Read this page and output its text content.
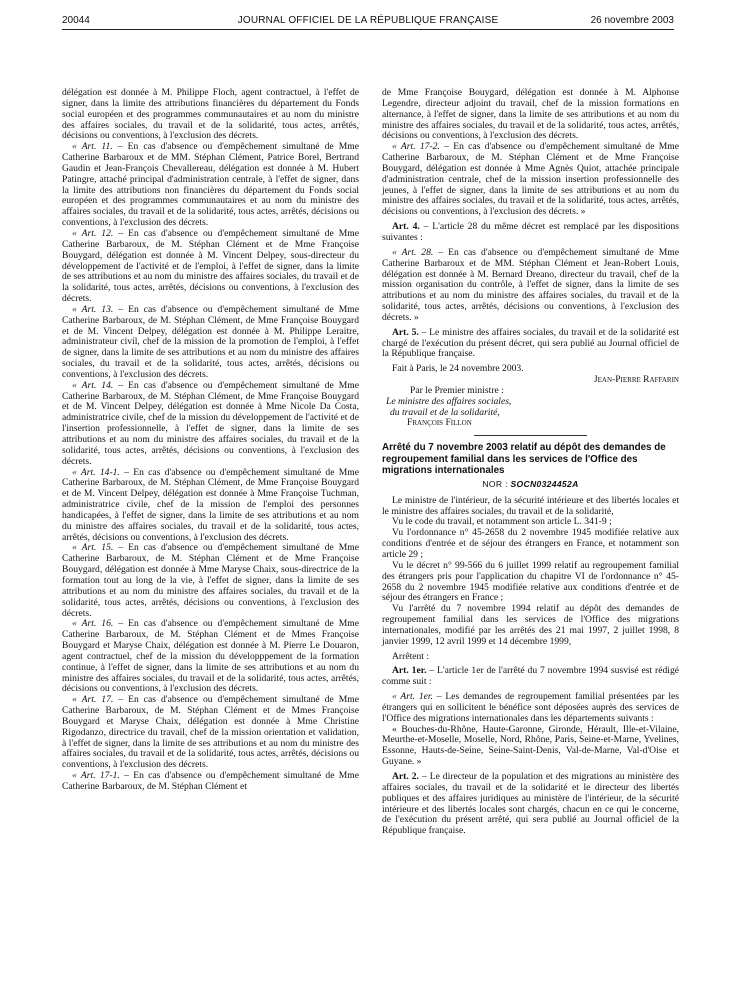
20044	JOURNAL OFFICIEL DE LA RÉPUBLIQUE FRANÇAISE	26 novembre 2003

délégation est donnée à M. Philippe Floch, agent contractuel, à l'effet de signer, dans la limite des attributions financières du département du Fonds social européen et des programmes communautaires et au nom du ministre des affaires sociales, du travail et de la solidarité, tous actes, arrêtés, décisions ou conventions, à l'exclusion des décrets.

« Art. 11. – En cas d'absence ou d'empêchement simultané de Mme Catherine Barbaroux et de MM. Stéphan Clément, Patrice Borel, Bertrand Gaudin et Jean-François Chevallereau, délégation est donnée à M. Hubert Patingre, attaché principal d'administration centrale, à l'effet de signer, dans la limite des attributions non financières du département du Fonds social européen et des programmes communautaires et au nom du ministre des affaires sociales, du travail et de la solidarité, tous actes, arrêtés, décisions ou conventions, à l'exclusion des décrets.

« Art. 12. – En cas d'absence ou d'empêchement simultané de Mme Catherine Barbaroux, de M. Stéphan Clément et de Mme Françoise Bouygard, délégation est donnée à M. Vincent Delpey, sous-directeur du développement de l'activité et de l'emploi, à l'effet de signer, dans la limite de ses attributions et au nom du ministre des affaires sociales, du travail et de la solidarité, tous actes, arrêtés, décisions ou conventions, à l'exclusion des décrets.

« Art. 13. – En cas d'absence ou d'empêchement simultané de Mme Catherine Barbaroux, de M. Stéphan Clément, de Mme Françoise Bouygard et de M. Vincent Delpey, délégation est donnée à M. Philippe Leraitre, administrateur civil, chef de la mission de la promotion de l'emploi, à l'effet de signer, dans la limite de ses attributions et au nom du ministre des affaires sociales, du travail et de la solidarité, tous actes, arrêtés, décisions ou conventions, à l'exclusion des décrets.

« Art. 14. – En cas d'absence ou d'empêchement simultané de Mme Catherine Barbaroux, de M. Stéphan Clément, de Mme Françoise Bouygard et de M. Vincent Delpey, délégation est donnée à Mme Nicole Da Costa, administratrice civile, chef de la mission du développement de l'activité et de l'insertion professionnelle, à l'effet de signer, dans la limite de ses attributions et au nom du ministre des affaires sociales, du travail et de la solidarité, tous actes, arrêtés, décisions ou conventions, à l'exclusion des décrets.

« Art. 14-1. – En cas d'absence ou d'empêchement simultané de Mme Catherine Barbaroux, de M. Stéphan Clément, de Mme Françoise Bouygard et de M. Vincent Delpey, délégation est donnée à Mme Françoise Tuchman, administratrice civile, chef de la mission de l'emploi des personnes handicapées, à l'effet de signer, dans la limite de ses attributions et au nom du ministre des affaires sociales, du travail et de la solidarité, tous actes, arrêtés, décisions ou conventions, à l'exclusion des décrets.

« Art. 15. – En cas d'absence ou d'empêchement simultané de Mme Catherine Barbaroux, de M. Stéphan Clément et de Mme Françoise Bouygard, délégation est donnée à Mme Maryse Chaix, sous-directrice de la formation tout au long de la vie, à l'effet de signer, dans la limite de ses attributions et au nom du ministre des affaires sociales, du travail et de la solidarité, tous actes, arrêtés, décisions ou conventions, à l'exclusion des décrets.

« Art. 16. – En cas d'absence ou d'empêchement simultané de Mme Catherine Barbaroux, de M. Stéphan Clément et de Mmes Françoise Bouygard et Maryse Chaix, délégation est donnée à M. Pierre Le Douaron, agent contractuel, chef de la mission du développpement de la formation continue, à l'effet de signer, dans la limite de ses attributions et au nom du ministre des affaires sociales, du travail et de la solidarité, tous actes, arrêtés, décisions ou conventions, à l'exclusion des décrets.

« Art. 17. – En cas d'absence ou d'empêchement simultané de Mme Catherine Barbaroux, de M. Stéphan Clément et de Mmes Françoise Bouygard et Maryse Chaix, délégation est donnée à Mme Christine Rigodanzo, directrice du travail, chef de la mission orientation et validation, à l'effet de signer, dans la limite de ses attributions et au nom du ministre des affaires sociales, du travail et de la solidarité, tous actes, arrêtés, décisions ou conventions, à l'exclusion des décrets.

« Art. 17-1. – En cas d'absence ou d'empêchement simultané de Mme Catherine Barbaroux, de M. Stéphan Clément et

de Mme Françoise Bouygard, délégation est donnée à M. Alphonse Legendre, directeur adjoint du travail, chef de la mission formations en alternance, à l'effet de signer, dans la limite de ses attributions et au nom du ministre des affaires sociales, du travail et de la solidarité, tous actes, arrêtés, décisions ou conventions, à l'exclusion des décrets.

« Art. 17-2. – En cas d'absence ou d'empêchement simultané de Mme Catherine Barbaroux, de M. Stéphan Clément et de Mme Françoise Bouygard, délégation est donnée à Mme Agnès Quiot, attachée principale d'administration centrale, chef de la mission insertion professionnelle des jeunes, à l'effet de signer, dans la limite de ses attributions et au nom du ministre des affaires sociales, du travail et de la solidarité, tous actes, arrêtés, décisions ou conventions, à l'exclusion des décrets. »

Art. 4. – L'article 28 du même décret est remplacé par les dispositions suivantes :

« Art. 28. – En cas d'absence ou d'empêchement simultané de Mme Catherine Barbaroux et de MM. Stéphan Clément et Jean-Robert Louis, délégation est donnée à M. Bernard Dreano, directeur du travail, chef de la mission organisation du contrôle, à l'effet de signer, dans la limite de ses attributions et au nom du ministre des affaires sociales, du travail et de la solidarité, tous actes, arrêtés, décisions ou conventions, à l'exclusion des décrets. »

Art. 5. – Le ministre des affaires sociales, du travail et de la solidarité est chargé de l'exécution du présent décret, qui sera publié au Journal officiel de la République française.

Fait à Paris, le 24 novembre 2003.

Jean-Pierre Raffarin

Par le Premier ministre :

Le ministre des affaires sociales,

du travail et de la solidarité,

François Fillon

Arrêté du 7 novembre 2003 relatif au dépôt des demandes de regroupement familial dans les services de l'Office des migrations internationales
NOR : SOCN0324452A

Le ministre de l'intérieur, de la sécurité intérieure et des libertés locales et le ministre des affaires sociales, du travail et de la solidarité,

Vu le code du travail, et notamment son article L. 341-9 ;

Vu l'ordonnance n° 45-2658 du 2 novembre 1945 modifiée relative aux conditions d'entrée et de séjour des étrangers en France, et notamment son article 29 ;

Vu le décret n° 99-566 du 6 juillet 1999 relatif au regroupement familial des étrangers pris pour l'application du chapitre VI de l'ordonnance n° 45-2658 du 2 novembre 1945 modifiée relative aux conditions d'entrée et de séjour des étrangers en France ;

Vu l'arrêté du 7 novembre 1994 relatif au dépôt des demandes de regroupement familial dans les services de l'Office des migrations internationales, modifié par les arrêtés des 21 mai 1997, 2 juillet 1998, 8 janvier 1999, 12 avril 1999 et 14 décembre 1999,

Arrêtent :

Art. 1er. – L'article 1er de l'arrêté du 7 novembre 1994 susvisé est rédigé comme suit :

« Art. 1er. – Les demandes de regroupement familial présentées par les étrangers qui en sollicitent le bénéfice sont déposées auprès des services de l'Office des migrations internationales dans les départements suivants :

« Bouches-du-Rhône, Haute-Garonne, Gironde, Hérault, Ille-et-Vilaine, Meurthe-et-Moselle, Moselle, Nord, Rhône, Paris, Seine-et-Marne, Yvelines, Essonne, Hauts-de-Seine, Seine-Saint-Denis, Val-de-Marne, Val-d'Oise et Guyane. »

Art. 2. – Le directeur de la population et des migrations au ministère des affaires sociales, du travail et de la solidarité et le directeur des libertés publiques et des affaires juridiques au ministère de l'intérieur, de la sécurité intérieure et des libertés locales sont chargés, chacun en ce qui le concerne, de l'exécution du présent arrêté, qui sera publié au Journal officiel de la République française.
